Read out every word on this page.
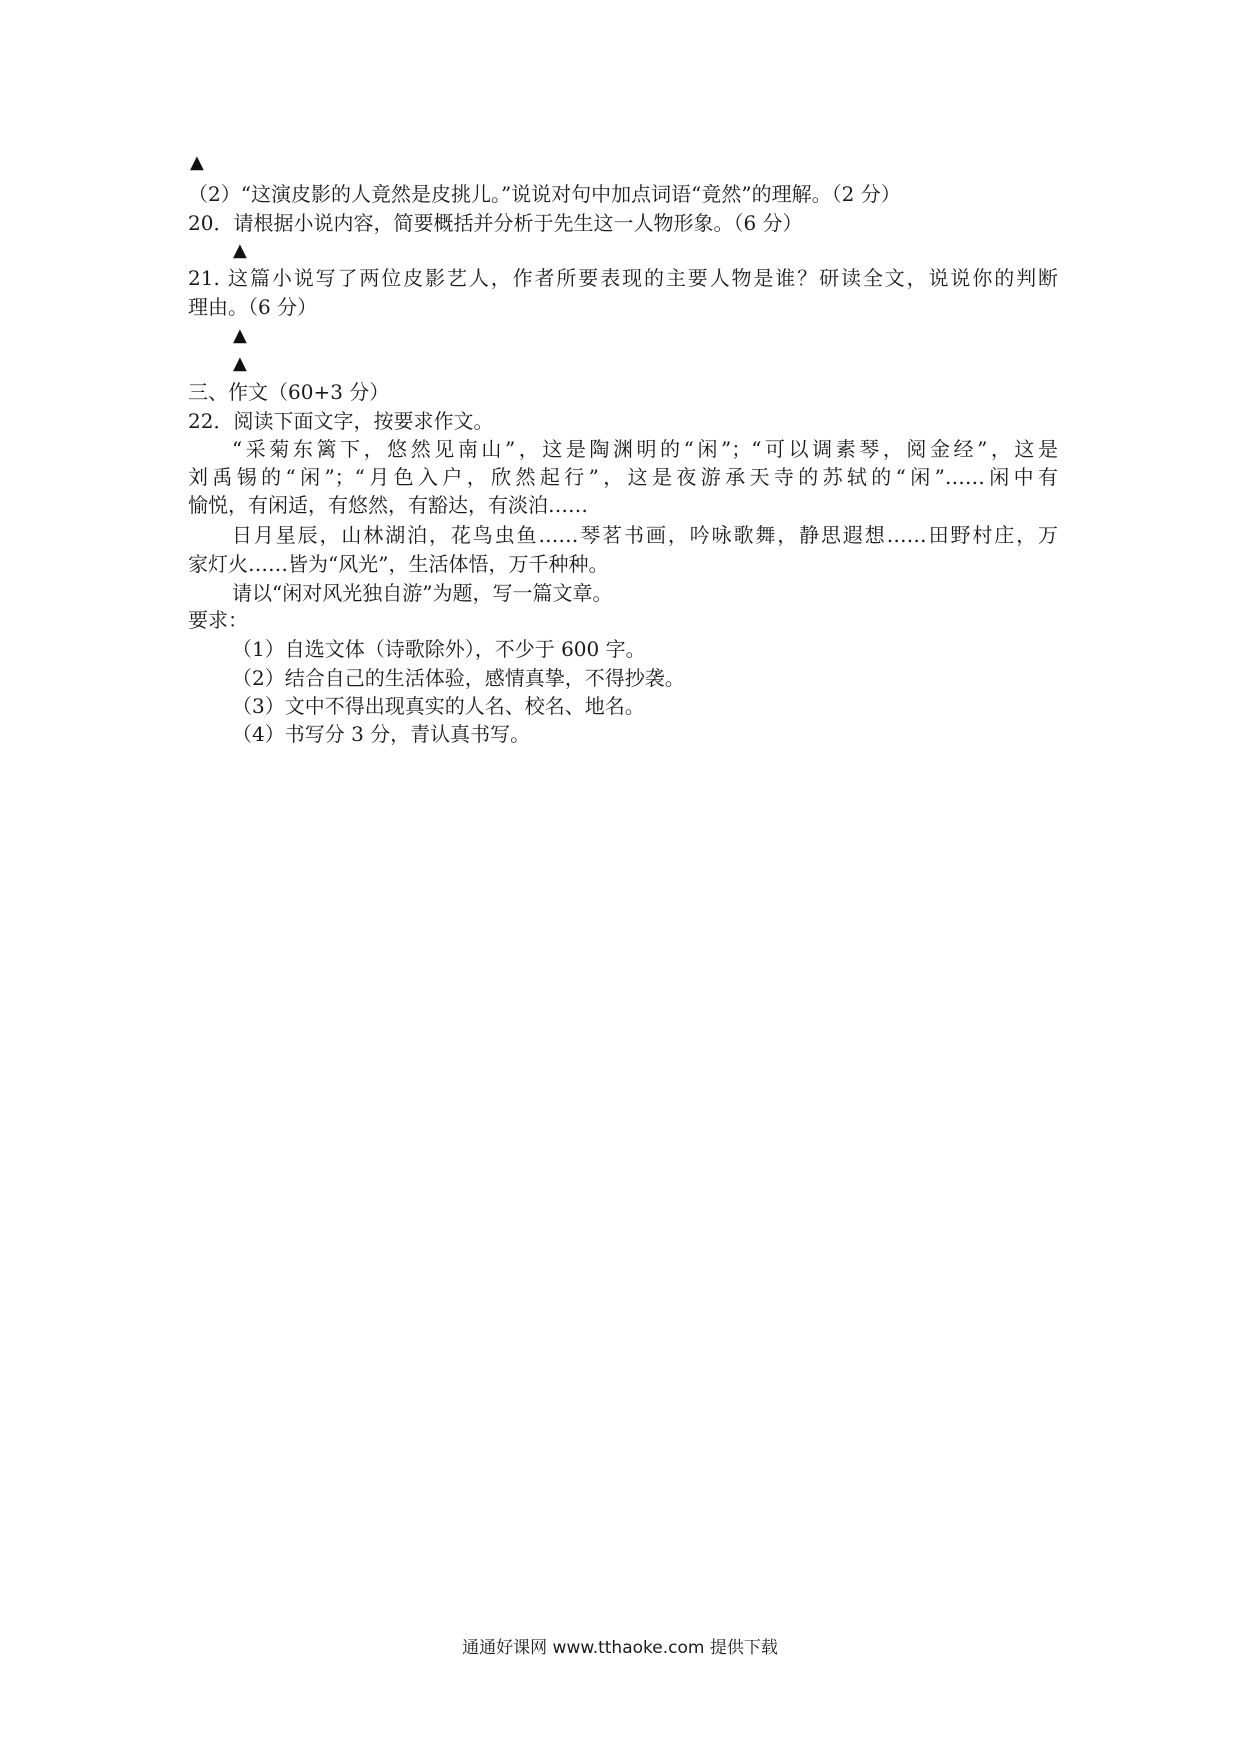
▲
（2）“这演皮影的人竟然是皮挑儿。”说说对句中加点词语“竟然”的理解。（2 分）
20．请根据小说内容，简要概括并分析于先生这一人物形象。（6 分）
▲
21. 这篇小说写了两位皮影艺人，作者所要表现的主要人物是谁？研读全文，说说你的判断
理由。（6 分）
▲
▲
三、作文（60+3 分）
22．阅读下面文字，按要求作文。
“采菊东篱下，悠然见南山”，这是陶渊明的“闲”；“可以调素琴，阅金经”，这是
刘禹锡的“闲”；“月色入户，欣然起行”，这是夜游承天寺的苏轼的“闲”……闲中有
愉悦，有闲适，有悠然，有豁达，有淡泊……
日月星辰，山林湖泊，花鸟虫鱼……琴茗书画，吟咏歌舞，静思遐想……田野村庄，万
家灯火……皆为“风光”，生活体悟，万千种种。
请以“闲对风光独自游”为题，写一篇文章。
要求：
（1）自选文体（诗歌除外），不少于 600 字。
（2）结合自己的生活体验，感情真挚，不得抄袭。
（3）文中不得出现真实的人名、校名、地名。
（4）书写分 3 分，青认真书写。
通通好课网 www.tthaoke.com 提供下载
